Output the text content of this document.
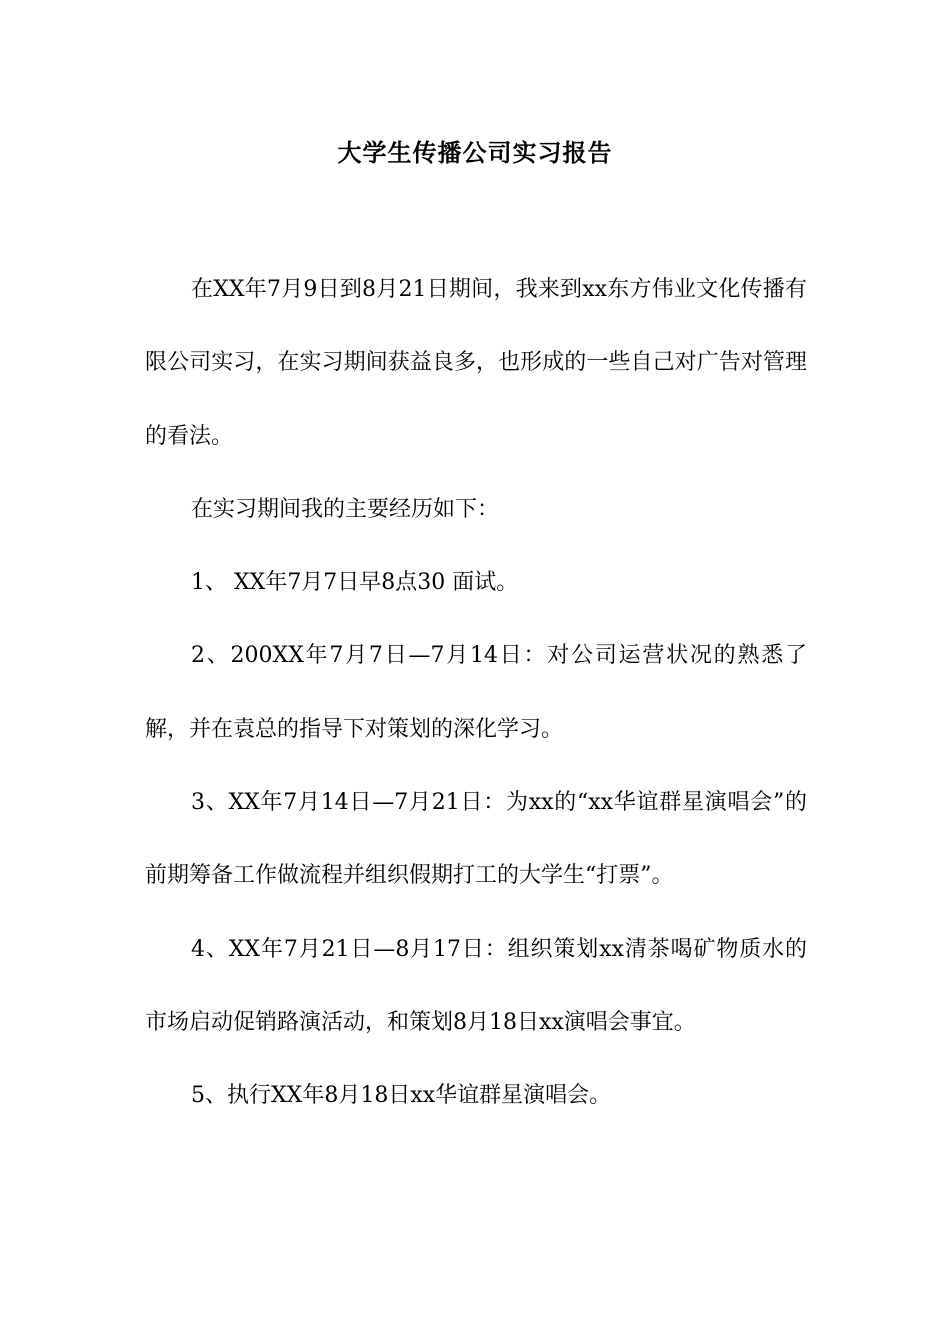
大学生传播公司实习报告

在XX年7月9日到8月21日期间，我来到xx东方伟业文化传播有限公司实习，在实习期间获益良多，也形成的一些自己对广告对管理的看法。

在实习期间我的主要经历如下：

1、 XX年7月7日早8点30 面试。

2、200XX年7月7日—7月14日：对公司运营状况的熟悉了解，并在袁总的指导下对策划的深化学习。

3、XX年7月14日—7月21日：为xx的“xx华谊群星演唱会”的前期筹备工作做流程并组织假期打工的大学生“打票”。

4、XX年7月21日—8月17日：组织策划xx清茶喝矿物质水的市场启动促销路演活动，和策划8月18日xx演唱会事宜。

5、执行XX年8月18日xx华谊群星演唱会。
